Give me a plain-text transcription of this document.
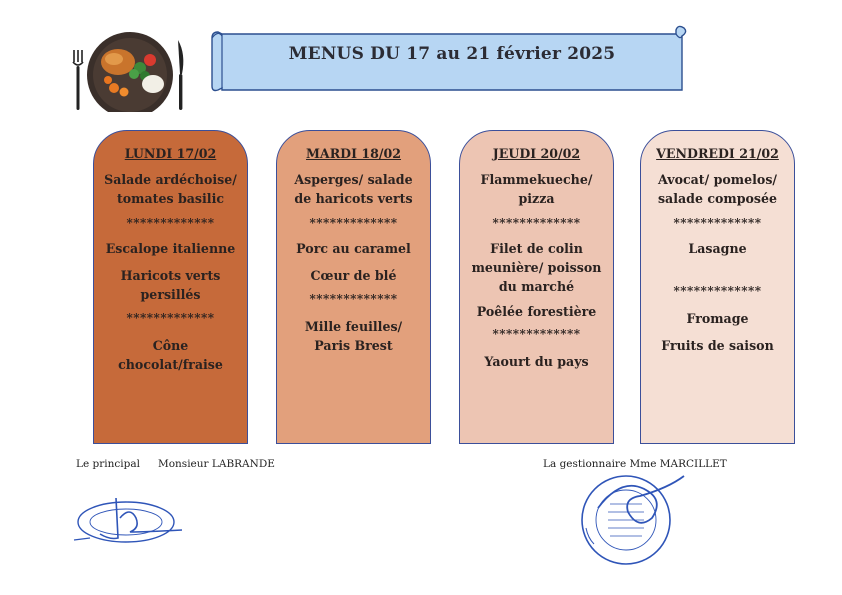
MENUS DU 17 au 21 février 2025
LUNDI 17/02
Salade ardéchoise/
tomates basilic
*************
Escalope italienne
Haricots verts
persillés
*************
Cône
chocolat/fraise
MARDI 18/02
Asperges/ salade
de haricots verts
*************
Porc au caramel
Cœur de blé
*************
Mille feuilles/
Paris Brest
JEUDI 20/02
Flammekueche/
pizza
*************
Filet de colin
meunière/ poisson
du marché
Poêlée forestière
*************
Yaourt du pays
VENDREDI 21/02
Avocat/ pomelos/
salade composée
*************
Lasagne
*************
Fromage
Fruits de saison
Le principal Monsieur LABRANDE	La gestionnaire Mme MARCILLET
